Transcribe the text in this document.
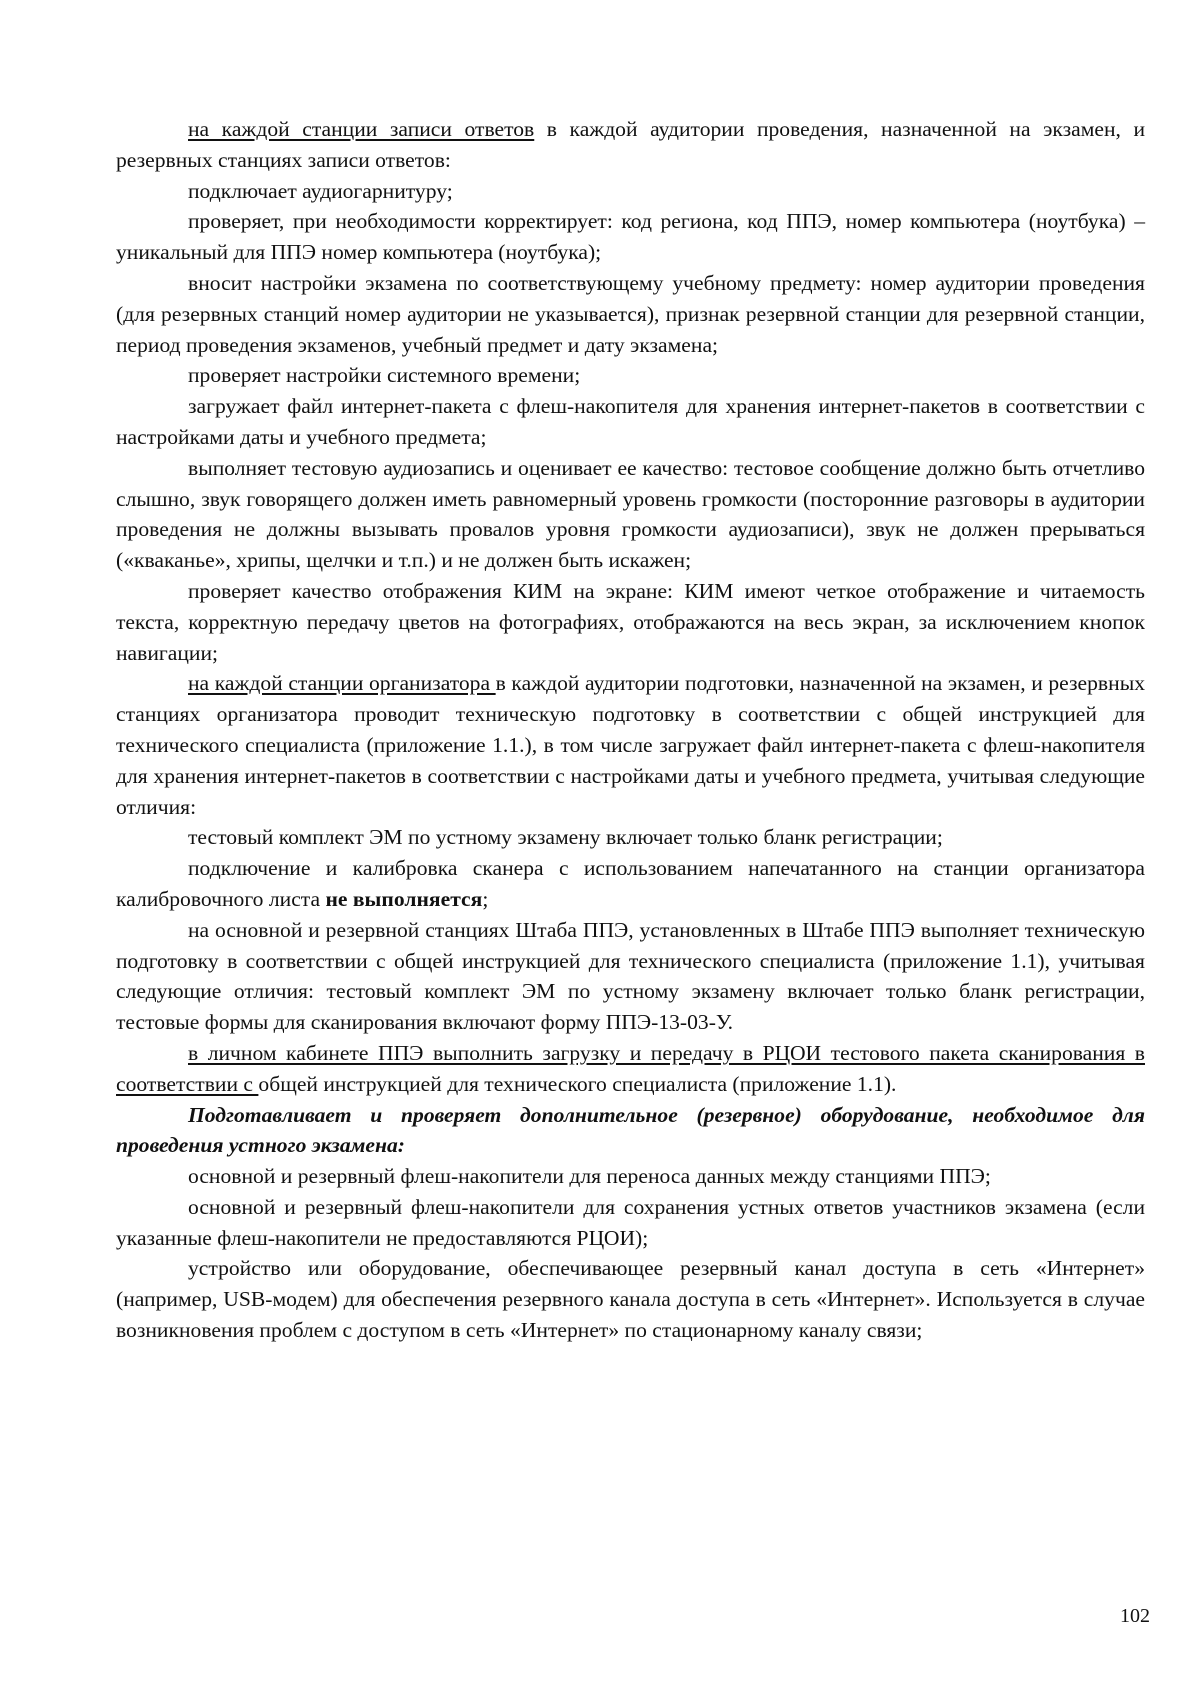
на каждой станции записи ответов в каждой аудитории проведения, назначенной на экзамен, и резервных станциях записи ответов:

подключает аудиогарнитуру;

проверяет, при необходимости корректирует: код региона, код ППЭ, номер компьютера (ноутбука) – уникальный для ППЭ номер компьютера (ноутбука);

вносит настройки экзамена по соответствующему учебному предмету: номер аудитории проведения (для резервных станций номер аудитории не указывается), признак резервной станции для резервной станции, период проведения экзаменов, учебный предмет и дату экзамена;

проверяет настройки системного времени;

загружает файл интернет-пакета с флеш-накопителя для хранения интернет-пакетов в соответствии с настройками даты и учебного предмета;

выполняет тестовую аудиозапись и оценивает ее качество: тестовое сообщение должно быть отчетливо слышно, звук говорящего должен иметь равномерный уровень громкости (посторонние разговоры в аудитории проведения не должны вызывать провалов уровня громкости аудиозаписи), звук не должен прерываться («кваканье», хрипы, щелчки и т.п.) и не должен быть искажен;

проверяет качество отображения КИМ на экране: КИМ имеют четкое отображение и читаемость текста, корректную передачу цветов на фотографиях, отображаются на весь экран, за исключением кнопок навигации;

на каждой станции организатора в каждой аудитории подготовки, назначенной на экзамен, и резервных станциях организатора проводит техническую подготовку в соответствии с общей инструкцией для технического специалиста (приложение 1.1.), в том числе загружает файл интернет-пакета с флеш-накопителя для хранения интернет-пакетов в соответствии с настройками даты и учебного предмета, учитывая следующие отличия:

тестовый комплект ЭМ по устному экзамену включает только бланк регистрации;

подключение и калибровка сканера с использованием напечатанного на станции организатора калибровочного листа не выполняется;

на основной и резервной станциях Штаба ППЭ, установленных в Штабе ППЭ выполняет техническую подготовку в соответствии с общей инструкцией для технического специалиста (приложение 1.1), учитывая следующие отличия: тестовый комплект ЭМ по устному экзамену включает только бланк регистрации, тестовые формы для сканирования включают форму ППЭ-13-03-У.

в личном кабинете ППЭ выполнить загрузку и передачу в РЦОИ тестового пакета сканирования в соответствии с общей инструкцией для технического специалиста (приложение 1.1).

Подготавливает и проверяет дополнительное (резервное) оборудование, необходимое для проведения устного экзамена:

основной и резервный флеш-накопители для переноса данных между станциями ППЭ;

основной и резервный флеш-накопители для сохранения устных ответов участников экзамена (если указанные флеш-накопители не предоставляются РЦОИ);

устройство или оборудование, обеспечивающее резервный канал доступа в сеть «Интернет» (например, USB-модем) для обеспечения резервного канала доступа в сеть «Интернет». Используется в случае возникновения проблем с доступом в сеть «Интернет» по стационарному каналу связи;

102
